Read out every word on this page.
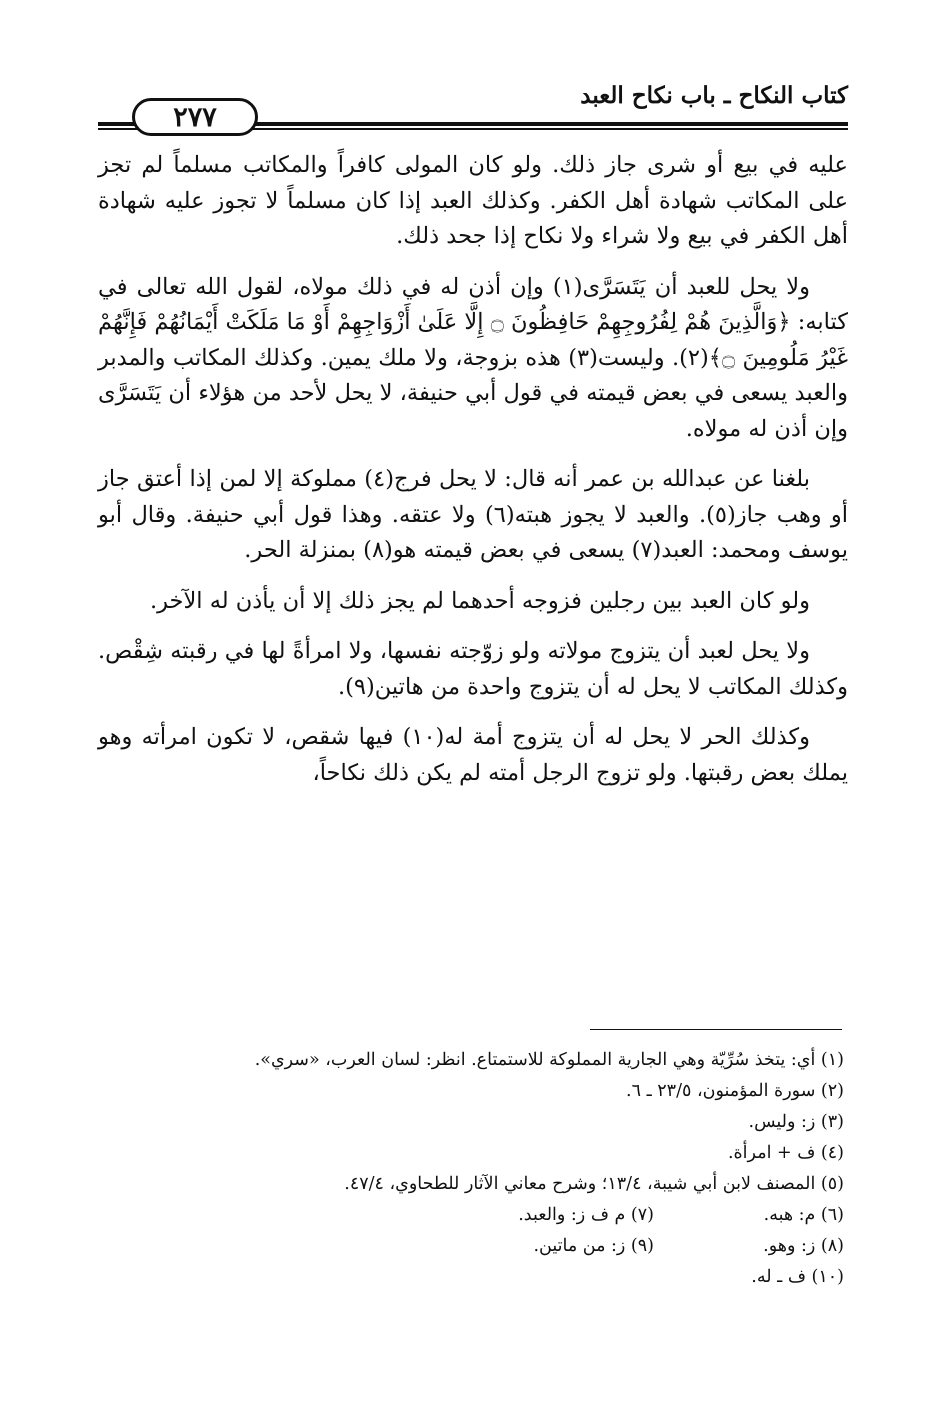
كتاب النكاح ـ باب نكاح العبد
٢٧٧

عليه في بيع أو شرى جاز ذلك. ولو كان المولى كافراً والمكاتب مسلماً لم تجز على المكاتب شهادة أهل الكفر. وكذلك العبد إذا كان مسلماً لا تجوز عليه شهادة أهل الكفر في بيع ولا شراء ولا نكاح إذا جحد ذلك.

ولا يحل للعبد أن يَتَسَرَّى(١) وإن أذن له في ذلك مولاه، لقول الله تعالى في كتابه: ﴿وَالَّذِينَ هُمْ لِفُرُوجِهِمْ حَافِظُونَ ۝ إِلَّا عَلَىٰ أَزْوَاجِهِمْ أَوْ مَا مَلَكَتْ أَيْمَانُهُمْ فَإِنَّهُمْ غَيْرُ مَلُومِينَ ۝﴾(٢). وليست(٣) هذه بزوجة، ولا ملك يمين. وكذلك المكاتب والمدبر والعبد يسعى في بعض قيمته في قول أبي حنيفة، لا يحل لأحد من هؤلاء أن يَتَسَرَّى وإن أذن له مولاه.

بلغنا عن عبدالله بن عمر أنه قال: لا يحل فرج(٤) مملوكة إلا لمن إذا أعتق جاز أو وهب جاز(٥). والعبد لا يجوز هبته(٦) ولا عتقه. وهذا قول أبي حنيفة. وقال أبو يوسف ومحمد: العبد(٧) يسعى في بعض قيمته هو(٨) بمنزلة الحر.

ولو كان العبد بين رجلين فزوجه أحدهما لم يجز ذلك إلا أن يأذن له الآخر.

ولا يحل لعبد أن يتزوج مولاته ولو زوّجته نفسها، ولا امرأةً لها في رقبته شِقْص. وكذلك المكاتب لا يحل له أن يتزوج واحدة من هاتين(٩).

وكذلك الحر لا يحل له أن يتزوج أمة له(١٠) فيها شقص، لا تكون امرأته وهو يملك بعض رقبتها. ولو تزوج الرجل أمته لم يكن ذلك نكاحاً،

(١) أي: يتخذ سُرِّيّة وهي الجارية المملوكة للاستمتاع. انظر: لسان العرب، «سري».
(٢) سورة المؤمنون، ٢٣/٥ ـ ٦.
(٣) ز: وليس.
(٤) ف + امرأة.
(٥) المصنف لابن أبي شيبة، ١٣/٤؛ وشرح معاني الآثار للطحاوي، ٤٧/٤.
(٦) م: هبه.
(٧) م ف ز: والعبد.
(٨) ز: وهو.
(٩) ز: من ماتين.
(١٠) ف ـ له.
